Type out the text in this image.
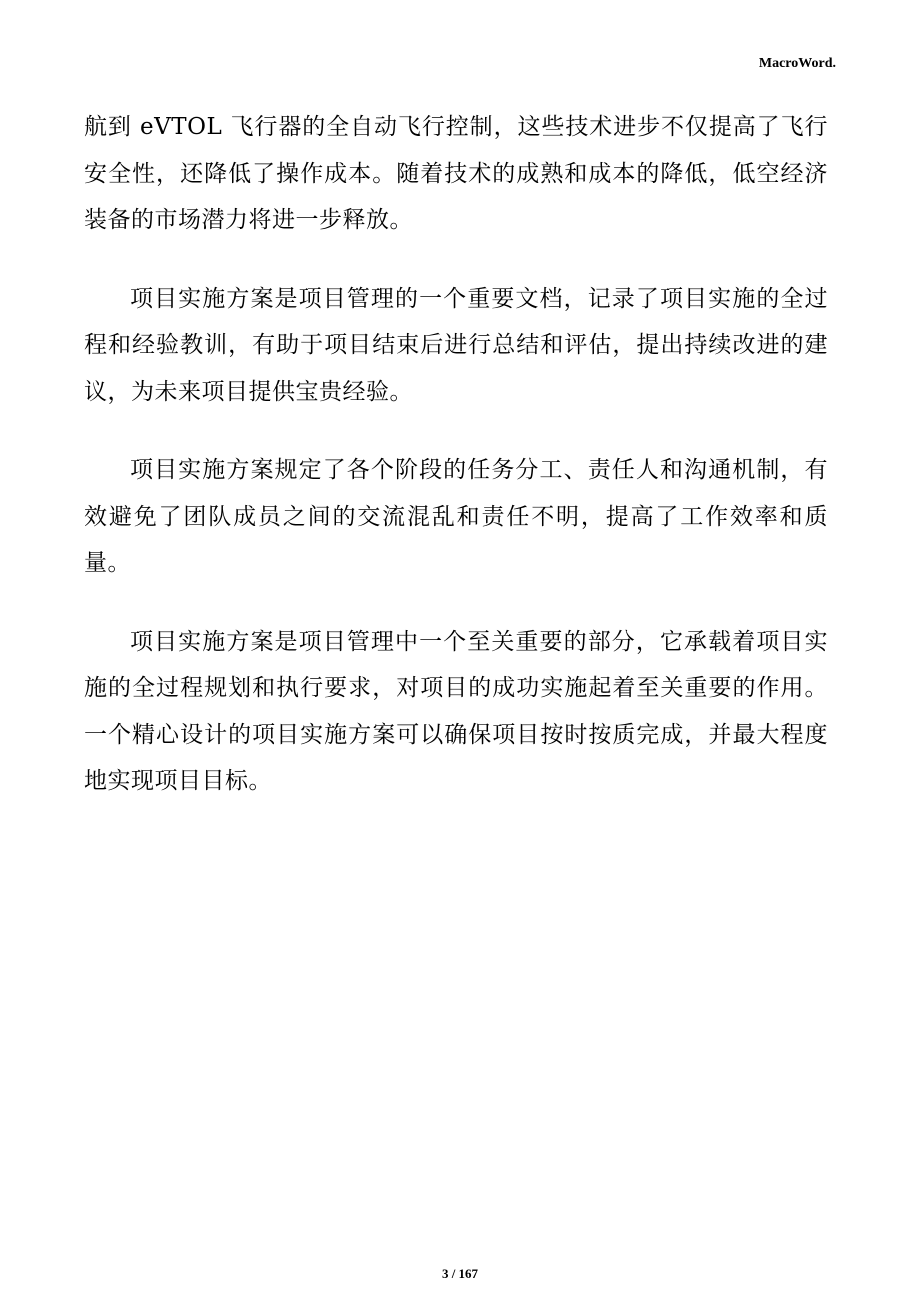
MacroWord.

航到 eVTOL 飞行器的全自动飞行控制，这些技术进步不仅提高了飞行安全性，还降低了操作成本。随着技术的成熟和成本的降低，低空经济装备的市场潜力将进一步释放。

项目实施方案是项目管理的一个重要文档，记录了项目实施的全过程和经验教训，有助于项目结束后进行总结和评估，提出持续改进的建议，为未来项目提供宝贵经验。

项目实施方案规定了各个阶段的任务分工、责任人和沟通机制，有效避免了团队成员之间的交流混乱和责任不明，提高了工作效率和质量。

项目实施方案是项目管理中一个至关重要的部分，它承载着项目实施的全过程规划和执行要求，对项目的成功实施起着至关重要的作用。一个精心设计的项目实施方案可以确保项目按时按质完成，并最大程度地实现项目目标。

3 / 167
